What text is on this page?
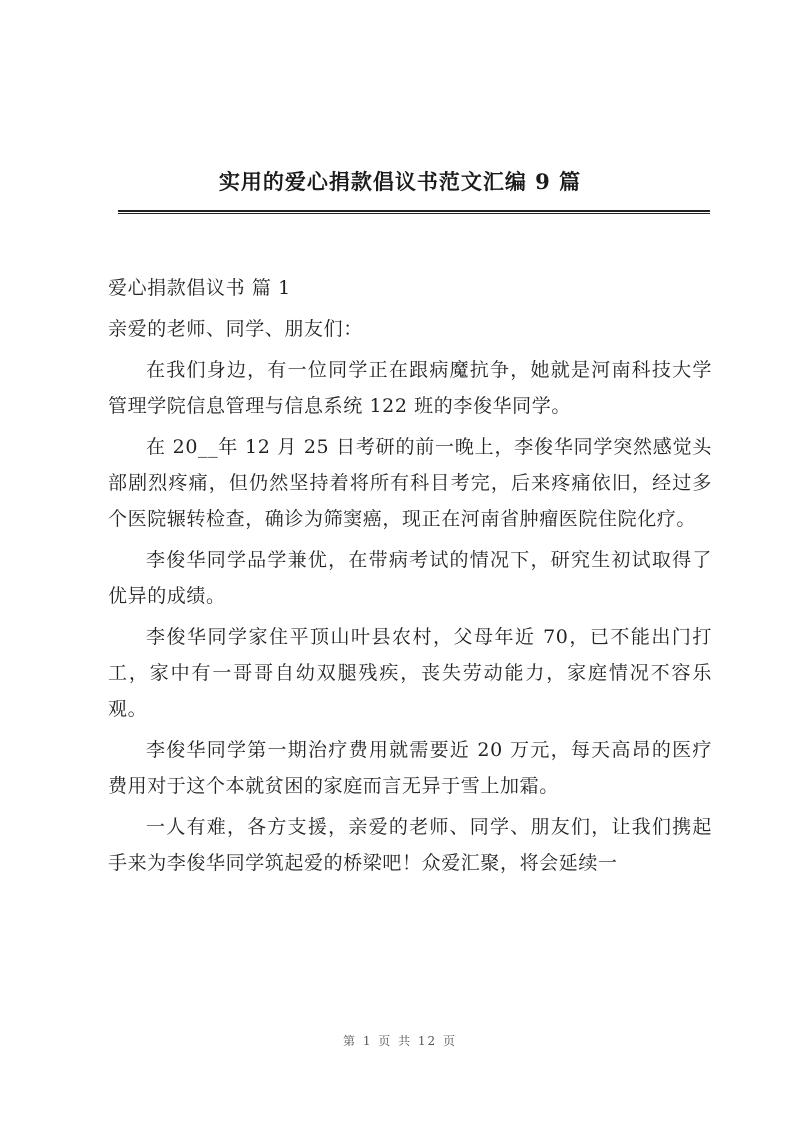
实用的爱心捐款倡议书范文汇编 9 篇
爱心捐款倡议书 篇 1
亲爱的老师、同学、朋友们：

在我们身边，有一位同学正在跟病魔抗争，她就是河南科技大学管理学院信息管理与信息系统 122 班的李俊华同学。

在 20__年 12 月 25 日考研的前一晚上，李俊华同学突然感觉头部剧烈疼痛，但仍然坚持着将所有科目考完，后来疼痛依旧，经过多个医院辗转检查，确诊为筛窦癌，现正在河南省肿瘤医院住院化疗。

李俊华同学品学兼优，在带病考试的情况下，研究生初试取得了优异的成绩。

李俊华同学家住平顶山叶县农村，父母年近 70，已不能出门打工，家中有一哥哥自幼双腿残疾，丧失劳动能力，家庭情况不容乐观。

李俊华同学第一期治疗费用就需要近 20 万元，每天高昂的医疗费用对于这个本就贫困的家庭而言无异于雪上加霜。

一人有难，各方支援，亲爱的老师、同学、朋友们，让我们携起手来为李俊华同学筑起爱的桥梁吧！众爱汇聚，将会延续一

第 1 页 共 12 页
